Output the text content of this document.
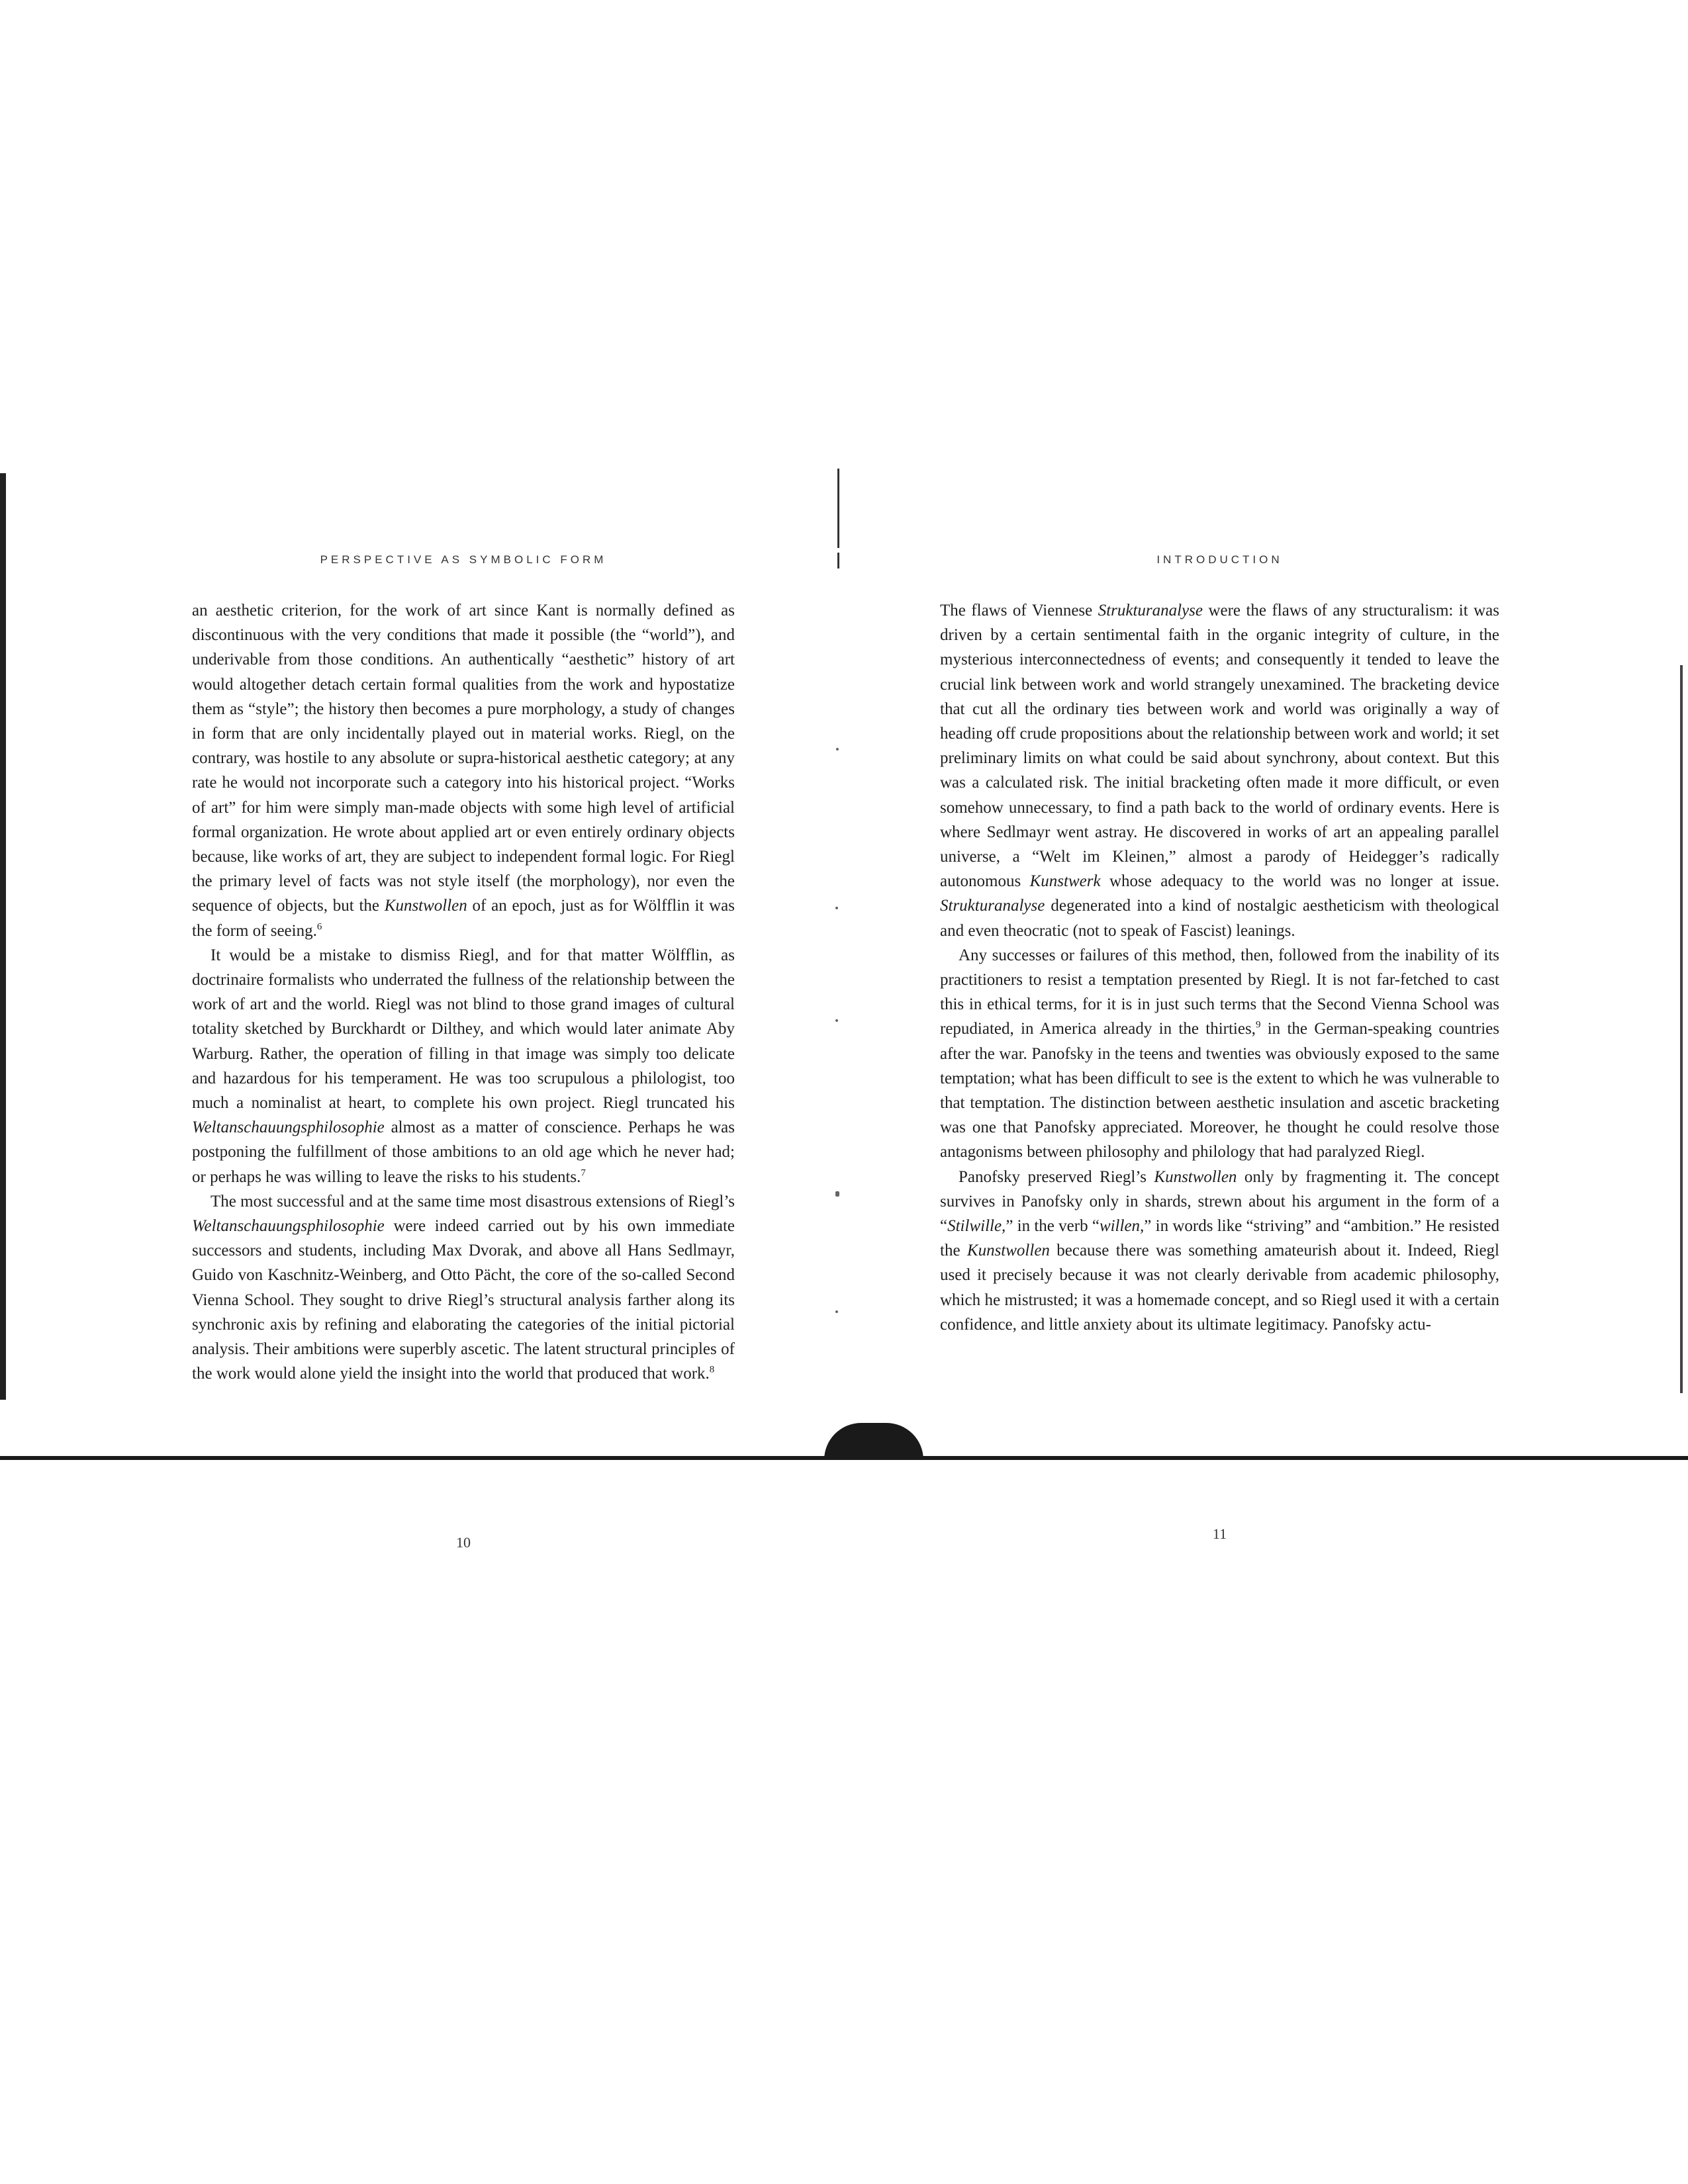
PERSPECTIVE AS SYMBOLIC FORM

an aesthetic criterion, for the work of art since Kant is normally defined as discontinuous with the very conditions that made it possible (the “world”), and underivable from those conditions. An authentically “aesthetic” history of art would altogether detach certain formal qualities from the work and hypostatize them as “style”; the history then becomes a pure morphology, a study of changes in form that are only incidentally played out in material works. Riegl, on the contrary, was hostile to any absolute or supra-historical aesthetic category; at any rate he would not incorporate such a category into his historical project. “Works of art” for him were simply man-made objects with some high level of artificial formal organization. He wrote about applied art or even entirely ordinary objects because, like works of art, they are subject to independent formal logic. For Riegl the primary level of facts was not style itself (the morphology), nor even the sequence of objects, but the Kunstwollen of an epoch, just as for Wölfflin it was the form of seeing.$^6$

It would be a mistake to dismiss Riegl, and for that matter Wölfflin, as doctrinaire formalists who underrated the fullness of the relationship between the work of art and the world. Riegl was not blind to those grand images of cultural totality sketched by Burckhardt or Dilthey, and which would later animate Aby Warburg. Rather, the operation of filling in that image was simply too delicate and hazardous for his temperament. He was too scrupulous a philologist, too much a nominalist at heart, to complete his own project. Riegl truncated his Weltanschauungsphilosophie almost as a matter of conscience. Perhaps he was postponing the fulfillment of those ambitions to an old age which he never had; or perhaps he was willing to leave the risks to his students.$^7$

The most successful and at the same time most disastrous extensions of Riegl’s Weltanschauungsphilosophie were indeed carried out by his own immediate successors and students, including Max Dvorak, and above all Hans Sedlmayr, Guido von Kaschnitz-Weinberg, and Otto Pächt, the core of the so-called Second Vienna School. They sought to drive Riegl’s structural analysis farther along its synchronic axis by refining and elaborating the categories of the initial pictorial analysis. Their ambitions were superbly ascetic. The latent structural principles of the work would alone yield the insight into the world that produced that work.$^8$

10
INTRODUCTION

The flaws of Viennese Strukturanalyse were the flaws of any structuralism: it was driven by a certain sentimental faith in the organic integrity of culture, in the mysterious interconnectedness of events; and consequently it tended to leave the crucial link between work and world strangely unexamined. The bracketing device that cut all the ordinary ties between work and world was originally a way of heading off crude propositions about the relationship between work and world; it set preliminary limits on what could be said about synchrony, about context. But this was a calculated risk. The initial bracketing often made it more difficult, or even somehow unnecessary, to find a path back to the world of ordinary events. Here is where Sedlmayr went astray. He discovered in works of art an appealing parallel universe, a “Welt im Kleinen,” almost a parody of Heidegger’s radically autonomous Kunstwerk whose adequacy to the world was no longer at issue. Strukturanalyse degenerated into a kind of nostalgic aestheticism with theological and even theocratic (not to speak of Fascist) leanings.

Any successes or failures of this method, then, followed from the inability of its practitioners to resist a temptation presented by Riegl. It is not far-fetched to cast this in ethical terms, for it is in just such terms that the Second Vienna School was repudiated, in America already in the thirties,$^9$ in the German-speaking countries after the war. Panofsky in the teens and twenties was obviously exposed to the same temptation; what has been difficult to see is the extent to which he was vulnerable to that temptation. The distinction between aesthetic insulation and ascetic bracketing was one that Panofsky appreciated. Moreover, he thought he could resolve those antagonisms between philosophy and philology that had paralyzed Riegl.

Panofsky preserved Riegl’s Kunstwollen only by fragmenting it. The concept survives in Panofsky only in shards, strewn about his argument in the form of a “Stilwille,” in the verb “willen,” in words like “striving” and “ambition.” He resisted the Kunstwollen because there was something amateurish about it. Indeed, Riegl used it precisely because it was not clearly derivable from academic philosophy, which he mistrusted; it was a homemade concept, and so Riegl used it with a certain confidence, and little anxiety about its ultimate legitimacy. Panofsky actu-

11
